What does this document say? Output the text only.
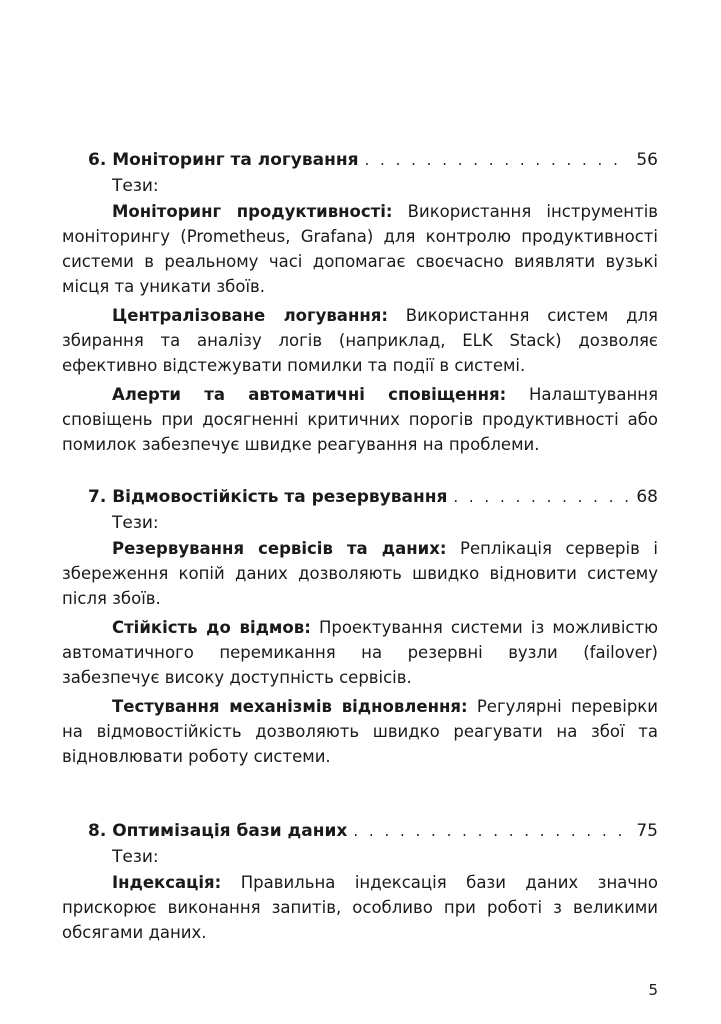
6. Моніторинг та логування . . .	56
Тези:

Моніторинг продуктивності: Використання інструментів моніторингу (Prometheus, Grafana) для контролю продуктивності системи в реальному часі допомагає своєчасно виявляти вузькі місця та уникати збоїв.

Централізоване логування: Використання систем для збирання та аналізу логів (наприклад, ELK Stack) дозволяє ефективно відстежувати помилки та події в системі.

Алерти та автоматичні сповіщення: Налаштування сповіщень при досягненні критичних порогів продуктивності або помилок забезпечує швидке реагування на проблеми.

7. Відмовостійкість та резервування . . .	68
Тези:

Резервування сервісів та даних: Реплікація серверів і збереження копій даних дозволяють швидко відновити систему після збоїв.

Стійкість до відмов: Проектування системи із можливістю автоматичного перемикання на резервні вузли (failover) забезпечує високу доступність сервісів.

Тестування механізмів відновлення: Регулярні перевірки на відмовостійкість дозволяють швидко реагувати на збої та відновлювати роботу системи.

8. Оптимізація бази даних . . .	75
Тези:

Індексація: Правильна індексація бази даних значно прискорює виконання запитів, особливо при роботі з великими обсягами даних.

5
